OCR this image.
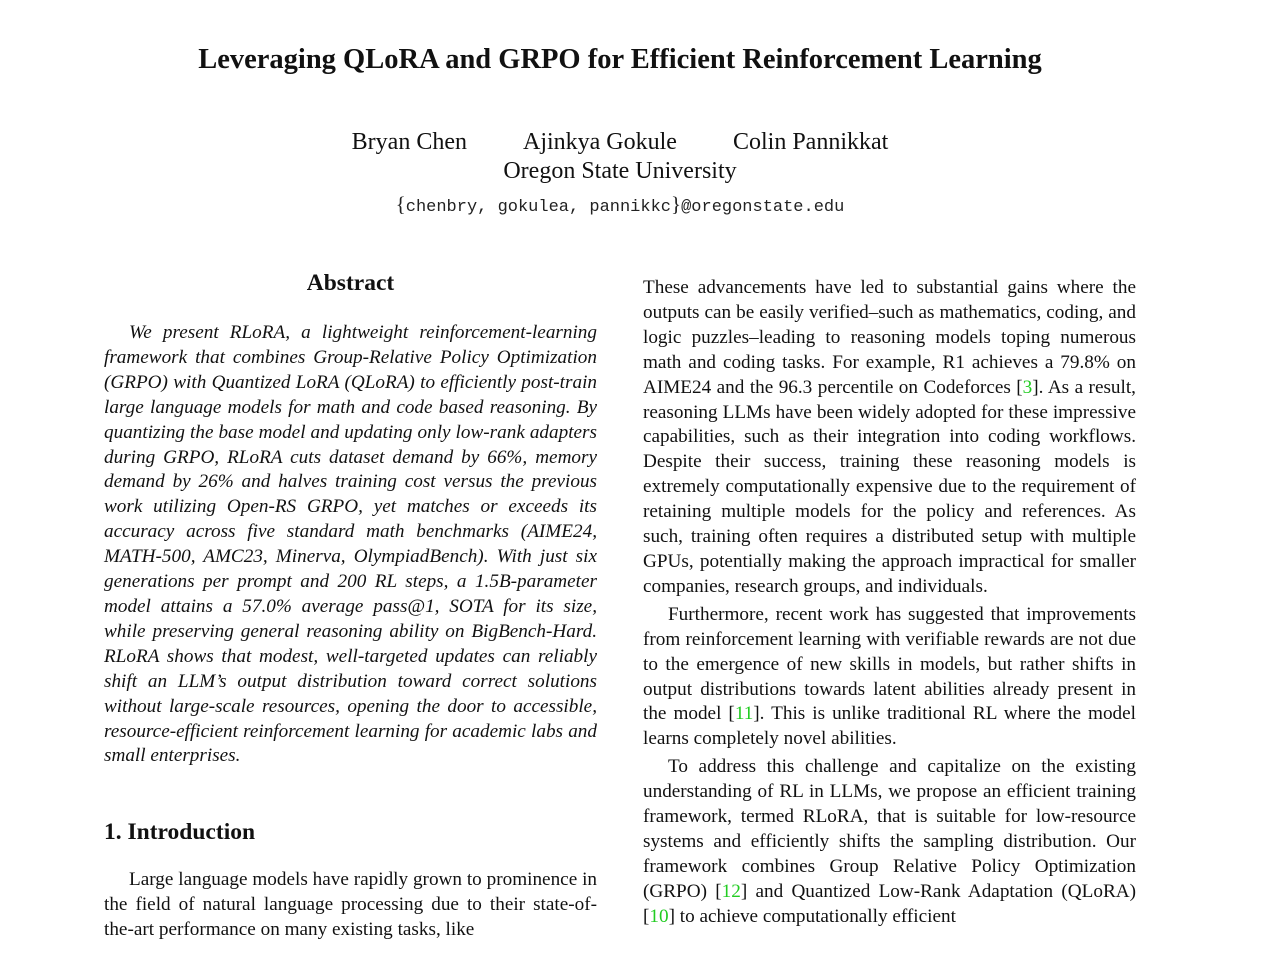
Leveraging QLoRA and GRPO for Efficient Reinforcement Learning
Bryan Chen Ajinkya Gokule Colin Pannikkat
Oregon State University
{chenbry, gokulea, pannikkc}@oregonstate.edu
Abstract

We present RLoRA, a lightweight reinforcement-learning framework that combines Group-Relative Policy Optimization (GRPO) with Quantized LoRA (QLoRA) to efficiently post-train large language models for math and code based reasoning. By quantizing the base model and updating only low-rank adapters during GRPO, RLoRA cuts dataset demand by 66%, memory demand by 26% and halves training cost versus the previous work utilizing Open-RS GRPO, yet matches or exceeds its accuracy across five standard math benchmarks (AIME24, MATH-500, AMC23, Minerva, OlympiadBench). With just six generations per prompt and 200 RL steps, a 1.5B-parameter model attains a 57.0% average pass@1, SOTA for its size, while preserving general reasoning ability on BigBench-Hard. RLoRA shows that modest, well-targeted updates can reliably shift an LLM’s output distribution toward correct solutions without large-scale resources, opening the door to accessible, resource-efficient reinforcement learning for academic labs and small enterprises.

1. Introduction

Large language models have rapidly grown to prominence in the field of natural language processing due to their state-of-the-art performance on many existing tasks, like

These advancements have led to substantial gains where the outputs can be easily verified–such as mathematics, coding, and logic puzzles–leading to reasoning models toping numerous math and coding tasks. For example, R1 achieves a 79.8% on AIME24 and the 96.3 percentile on Codeforces [3]. As a result, reasoning LLMs have been widely adopted for these impressive capabilities, such as their integration into coding workflows. Despite their success, training these reasoning models is extremely computationally expensive due to the requirement of retaining multiple models for the policy and references. As such, training often requires a distributed setup with multiple GPUs, potentially making the approach impractical for smaller companies, research groups, and individuals.

Furthermore, recent work has suggested that improvements from reinforcement learning with verifiable rewards are not due to the emergence of new skills in models, but rather shifts in output distributions towards latent abilities already present in the model [11]. This is unlike traditional RL where the model learns completely novel abilities.

To address this challenge and capitalize on the existing understanding of RL in LLMs, we propose an efficient training framework, termed RLoRA, that is suitable for low-resource systems and efficiently shifts the sampling distribution. Our framework combines Group Relative Policy Optimization (GRPO) [12] and Quantized Low-Rank Adaptation (QLoRA) [10] to achieve computationally efficient
